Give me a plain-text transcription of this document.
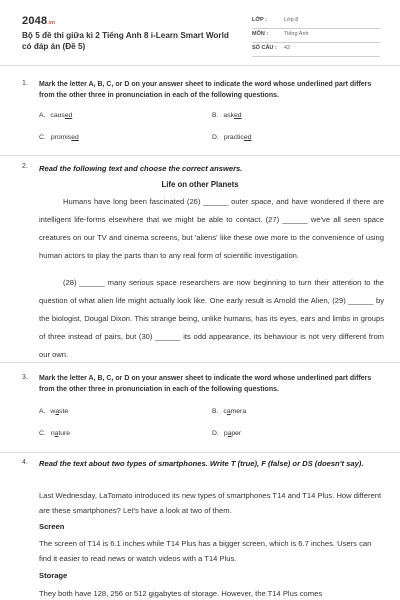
2048.vn
Bộ 5 đề thi giữa kì 2 Tiếng Anh 8 i-Learn Smart World có đáp án (Đề 5)
LỚP :	Lớp 8
MÔN :	Tiếng Anh
SỐ CÂU : 42
1. Mark the letter A, B, C, or D on your answer sheet to indicate the word whose underlined part differs from the other three in pronunciation in each of the following questions.
A. caused	B. asked
C. promised	D. practiced
2. Read the following text and choose the correct answers.
Life on other Planets
Humans have long been fascinated (26) ______ outer space, and have wondered if there are intelligent life-forms elsewhere that we might be able to contact. (27) ______ we've all seen space creatures on our TV and cinema screens, but 'aliens' like these owe more to the convenience of using human actors to play the parts than to any real form of scientific investigation.
(28) ______ many serious space researchers are now beginning to turn their attention to the question of what alien life might actually look like. One early result is Arnold the Alien, (29) ______ by the biologist, Dougal Dixon. This strange being, unlike humans, has its eyes, ears and limbs in groups of three instead of pairs, but (30) ______ its odd appearance, its behaviour is not very different from our own.
3. Mark the letter A, B, C, or D on your answer sheet to indicate the word whose underlined part differs from the other three in pronunciation in each of the following questions.
A. waste	B. camera
C. nature	D. paper
4. Read the text about two types of smartphones. Write T (true), F (false) or DS (doesn't say).
Last Wednesday, LaTomato introduced its new types of smartphones T14 and T14 Plus. How different are these smartphones? Let's have a look at two of them.
Screen
The screen of T14 is 6.1 inches while T14 Plus has a bigger screen, which is 6.7 inches. Users can find it easier to read news or watch videos with a T14 Plus.
Storage
They both have 128, 256 or 512 gigabytes of storage. However, the T14 Plus comes
